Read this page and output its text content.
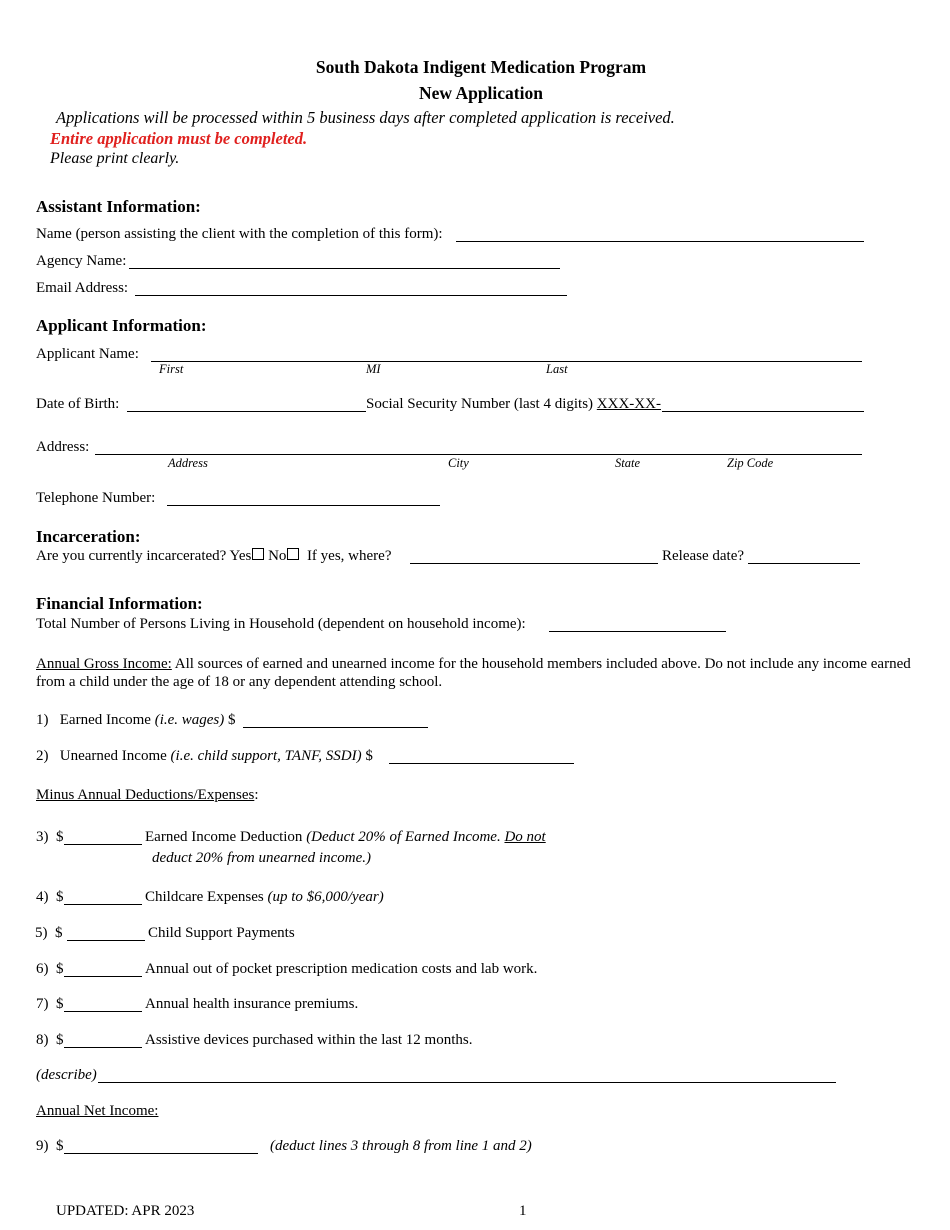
South Dakota Indigent Medication Program
New Application
Applications will be processed within 5 business days after completed application is received.
Entire application must be completed.
Please print clearly.
Assistant Information:
Name (person assisting the client with the completion of this form):
Agency Name:
Email Address:
Applicant Information:
Applicant Name:
First	MI	Last
Date of Birth:	Social Security Number (last 4 digits) XXX-XX-
Address:
Address	City	State	Zip Code
Telephone Number:
Incarceration:
Are you currently incarcerated? Yes No If yes, where?	Release date?
Financial Information:
Total Number of Persons Living in Household (dependent on household income):
Annual Gross Income: All sources of earned and unearned income for the household members included above. Do not include any income earned from a child under the age of 18 or any dependent attending school.
1) Earned Income (i.e. wages) $
2) Unearned Income (i.e. child support, TANF, SSDI) $
Minus Annual Deductions/Expenses:
3) $	Earned Income Deduction (Deduct 20% of Earned Income. Do not
deduct 20% from unearned income.)
4) $	Childcare Expenses (up to $6,000/year)
5) $	Child Support Payments
6) $	Annual out of pocket prescription medication costs and lab work.
7) $	Annual health insurance premiums.
8) $	Assistive devices purchased within the last 12 months.
(describe)
Annual Net Income:
9) $	(deduct lines 3 through 8 from line 1 and 2)
UPDATED: APR 2023	1
